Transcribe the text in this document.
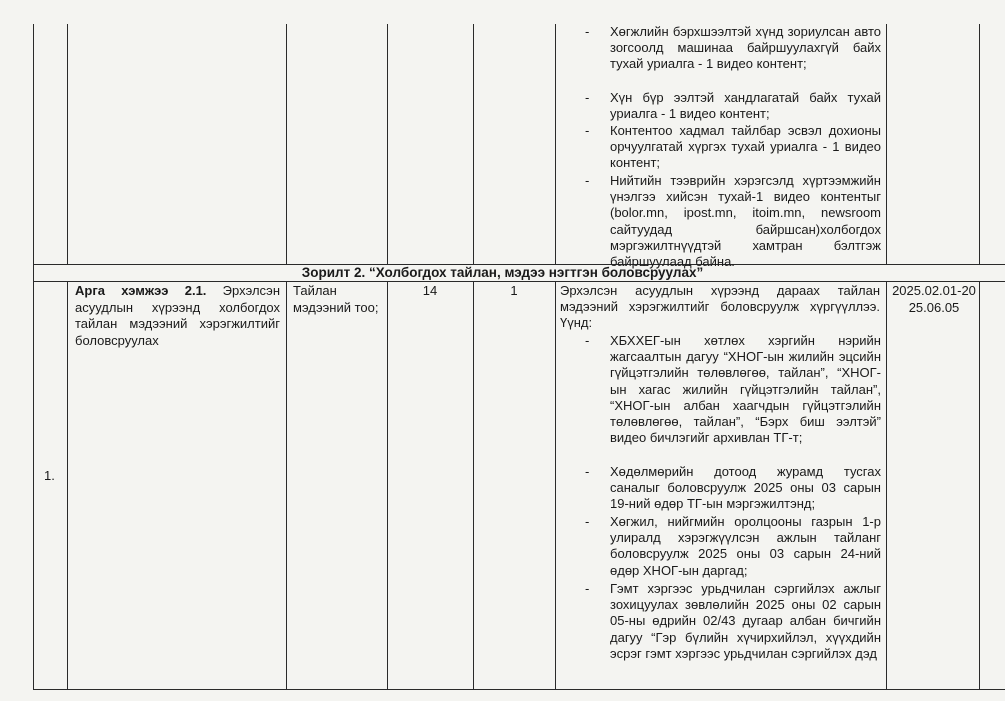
- Хөгжлийн бэрхшээлтэй хүнд зориулсан авто зогсоолд машинаа байршуулахгүй байх тухай уриалга - 1 видео контент;
- Хүн бүр ээлтэй хандлагатай байх тухай уриалга - 1 видео контент;
- Контентоо хадмал тайлбар эсвэл дохионы орчуулгатай хүргэх тухай уриалга - 1 видео контент;
- Нийтийн тээврийн хэрэгсэлд хүртээмжийн үнэлгээ хийсэн тухай-1 видео контентыг (bolor.mn, ipost.mn, itoim.mn, newsroom сайтуудад байршсан)холбогдох мэргэжилтнүүдтэй хамтран бэлтгэж байршуулаад байна.
Зорилт 2. “Холбогдох тайлан, мэдээ нэгтгэн боловсруулах”
1.
Арга хэмжээ 2.1. Эрхэлсэн асуудлын хүрээнд холбогдох тайлан мэдээний хэрэгжилтийг боловсруулах
Тайлан мэдээний тоо;
14	1	Эрхэлсэн асуудлын хүрээнд дараах тайлан мэдээний хэрэгжилтийг боловсруулж хүргүүллээ. Үүнд:
- ХБХХЕГ-ын хөтлөх хэргийн нэрийн жагсаалтын дагуу “ХНОГ-ын жилийн эцсийн гүйцэтгэлийн төлөвлөгөө, тайлан”, “ХНОГ-ын хагас жилийн гүйцэтгэлийн тайлан”, “ХНОГ-ын албан хаагчдын гүйцэтгэлийн төлөвлөгөө, тайлан”, “Бэрх биш ээлтэй” видео бичлэгийг архивлан ТГ-т;
- Хөдөлмөрийн дотоод журамд тусгах саналыг боловсруулж 2025 оны 03 сарын 19-ний өдөр ТГ-ын мэргэжилтэнд;
- Хөгжил, нийгмийн оролцооны газрын 1-р улиралд хэрэгжүүлсэн ажлын тайланг боловсруулж 2025 оны 03 сарын 24-ний өдөр ХНОГ-ын даргад;
- Гэмт хэргээс урьдчилан сэргийлэх ажлыг зохицуулах зөвлөлийн 2025 оны 02 сарын 05-ны өдрийн 02/43 дугаар албан бичгийн дагуу “Гэр бүлийн хүчирхийлэл, хүүхдийн эсрэг гэмт хэргээс урьдчилан сэргийлэх дэд
2025.02.01-2025.06.05
